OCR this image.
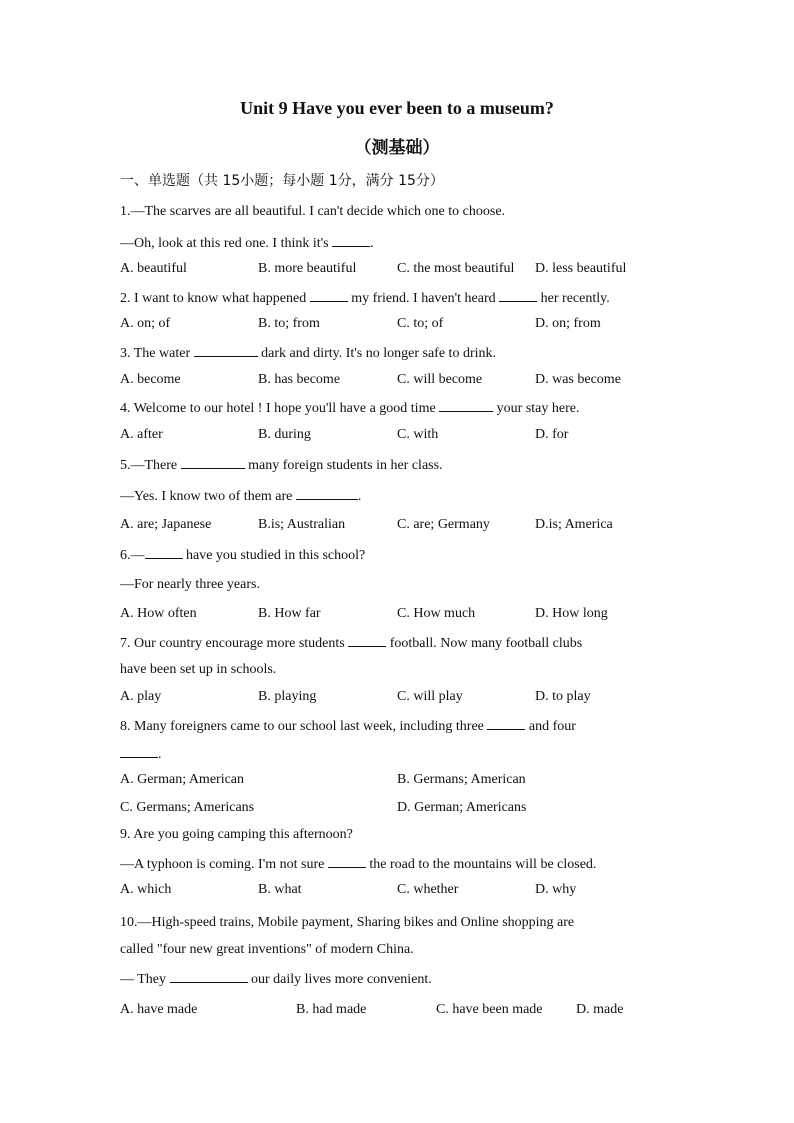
Unit 9 Have you ever been to a museum?
（测基础）
一、单选题（共 15小题；每小题 1分，满分 15分）
1.—The scarves are all beautiful. I can't decide which one to choose.
—Oh, look at this red one. I think it's	.
A. beautiful	B. more beautiful	C. the most beautiful D. less beautiful
2. I want to know what happened	my friend. I haven't heard	her recently.
A. on; of	B. to; from	C. to; of	D. on; from
3. The water	dark and dirty. It's no longer safe to drink.
A. become	B. has become	C. will become	D. was become
4. Welcome to our hotel ! I hope you'll have a good time	your stay here.
A. after	B. during	C. with	D. for
5.—There	many foreign students in her class.
—Yes. I know two of them are	.
A. are; Japanese	B.is; Australian	C. are; Germany	D.is; America
6.—	have you studied in this school?
—For nearly three years.
A. How often	B. How far	C. How much	D. How long
7. Our country encourage more students	football. Now many football clubs
have been set up in schools.
A. play	B. playing	C. will play	D. to play
8. Many foreigners came to our school last week, including three	and four
.
A. German; American	B. Germans; American
C. Germans; Americans	D. German; Americans
9. Are you going camping this afternoon?
—A typhoon is coming. I'm not sure	the road to the mountains will be closed.
A. which	B. what	C. whether	D. why
10.—High-speed trains, Mobile payment, Sharing bikes and Online shopping are
called "four new great inventions" of modern China.
— They	our daily lives more convenient.
A. have made	B. had made	C. have been made D. made
